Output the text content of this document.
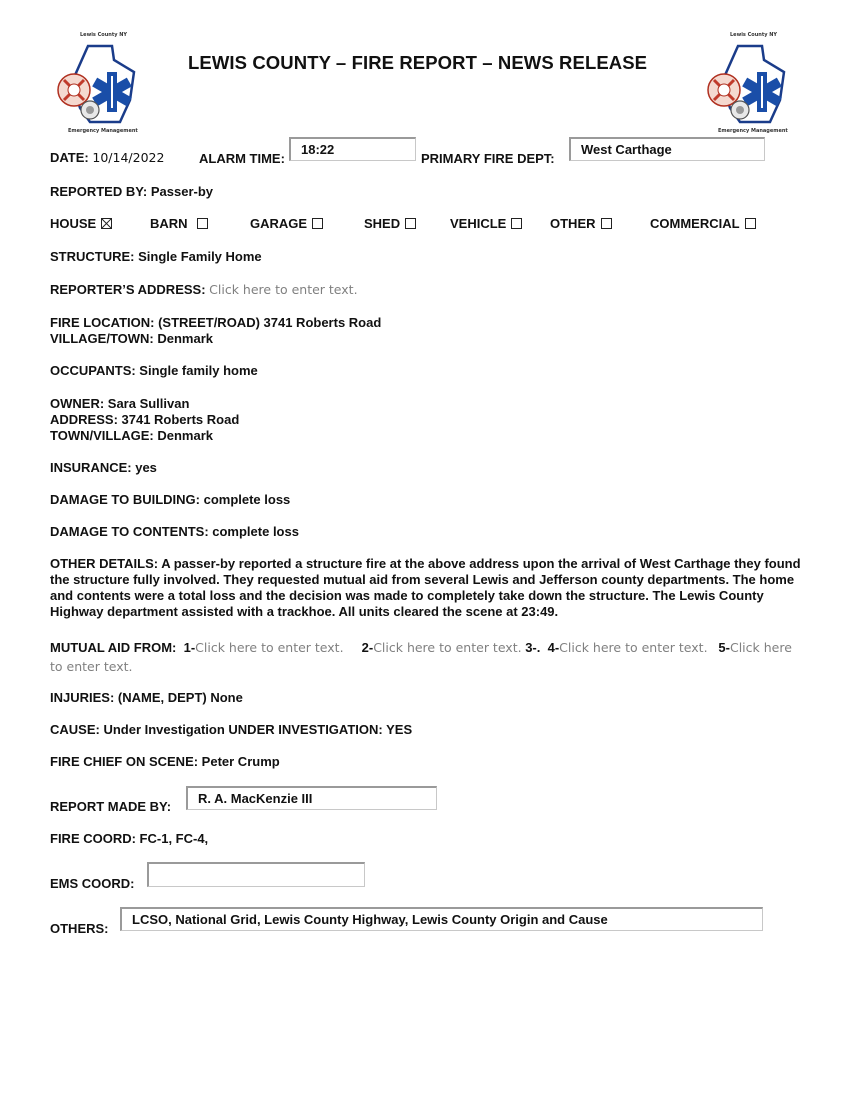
Lewis County NY
Emergency Management
Lewis County NY
Emergency Management
LEWIS COUNTY – FIRE REPORT – NEWS RELEASE
DATE: 10/14/2022	ALARM TIME:
18:22
PRIMARY FIRE DEPT:
West Carthage
REPORTED BY: Passer-by
HOUSE	BARN	GARAGE	SHED	VEHICLE	OTHER	COMMERCIAL
STRUCTURE: Single Family Home
REPORTER’S ADDRESS: Click here to enter text.
FIRE LOCATION: (STREET/ROAD) 3741 Roberts Road
VILLAGE/TOWN: Denmark
OCCUPANTS: Single family home
OWNER: Sara Sullivan
ADDRESS: 3741 Roberts Road
TOWN/VILLAGE: Denmark
INSURANCE: yes
DAMAGE TO BUILDING: complete loss
DAMAGE TO CONTENTS: complete loss
OTHER DETAILS: A passer-by reported a structure fire at the above address upon the arrival of West Carthage they found the structure fully involved. They requested mutual aid from several Lewis and Jefferson county departments. The home and contents were a total loss and the decision was made to completely take down the structure. The Lewis County Highway department assisted with a trackhoe. All units cleared the scene at 23:49.
MUTUAL AID FROM: 1-Click here to enter text. 2-Click here to enter text. 3-. 4-Click here to enter text. 5-Click here to enter text.
INJURIES: (NAME, DEPT) None
CAUSE: Under Investigation UNDER INVESTIGATION: YES
FIRE CHIEF ON SCENE: Peter Crump
REPORT MADE BY:
R. A. MacKenzie III
FIRE COORD: FC-1, FC-4,
EMS COORD:
OTHERS:
LCSO, National Grid, Lewis County Highway, Lewis County Origin and Cause
